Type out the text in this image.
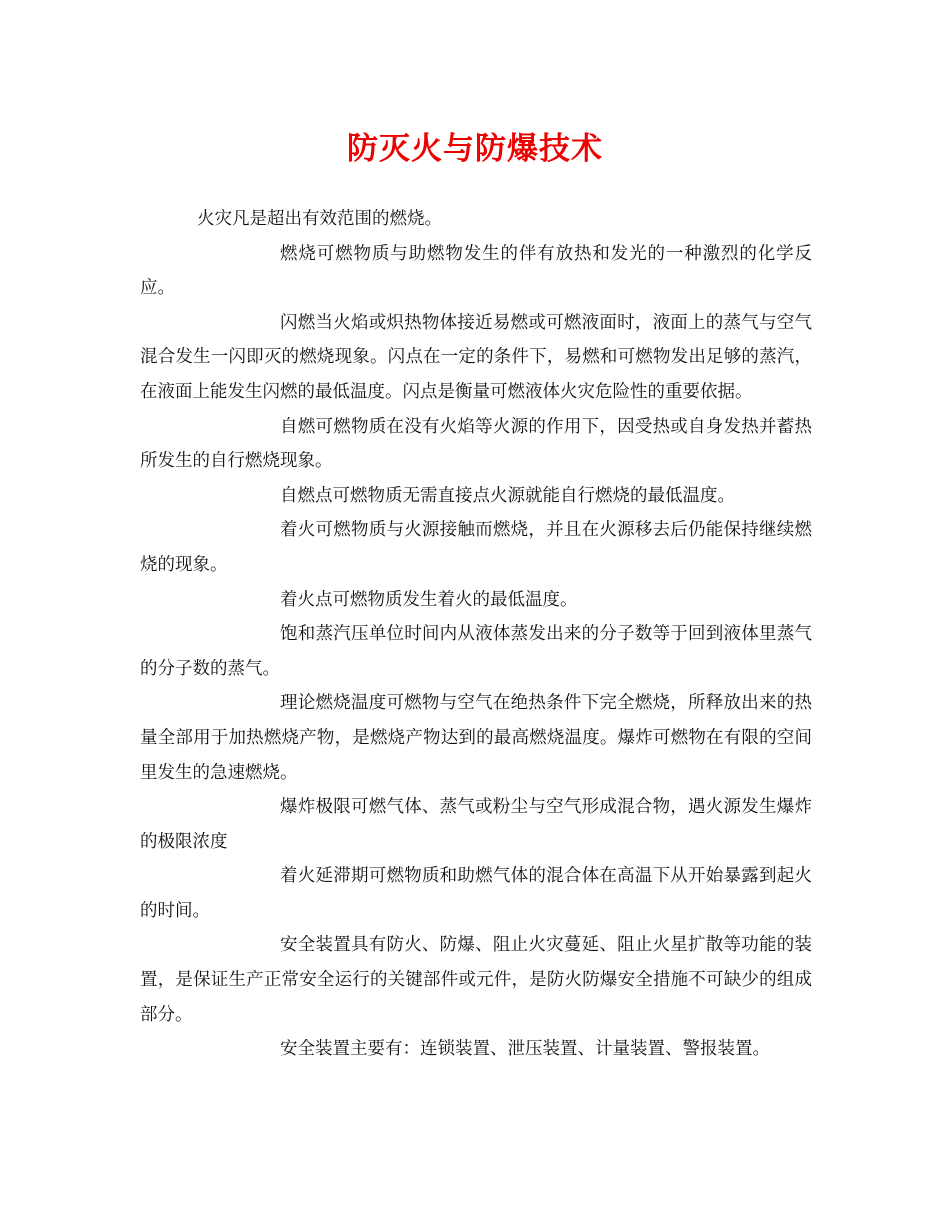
防灭火与防爆技术

火灾凡是超出有效范围的燃烧。

燃烧可燃物质与助燃物发生的伴有放热和发光的一种激烈的化学反应。

闪燃当火焰或炽热物体接近易燃或可燃液面时，液面上的蒸气与空气混合发生一闪即灭的燃烧现象。闪点在一定的条件下，易燃和可燃物发出足够的蒸汽，在液面上能发生闪燃的最低温度。闪点是衡量可燃液体火灾危险性的重要依据。

自燃可燃物质在没有火焰等火源的作用下，因受热或自身发热并蓄热所发生的自行燃烧现象。

自燃点可燃物质无需直接点火源就能自行燃烧的最低温度。

着火可燃物质与火源接触而燃烧，并且在火源移去后仍能保持继续燃烧的现象。

着火点可燃物质发生着火的最低温度。

饱和蒸汽压单位时间内从液体蒸发出来的分子数等于回到液体里蒸气的分子数的蒸气。

理论燃烧温度可燃物与空气在绝热条件下完全燃烧，所释放出来的热量全部用于加热燃烧产物，是燃烧产物达到的最高燃烧温度。爆炸可燃物在有限的空间里发生的急速燃烧。

爆炸极限可燃气体、蒸气或粉尘与空气形成混合物，遇火源发生爆炸的极限浓度

着火延滞期可燃物质和助燃气体的混合体在高温下从开始暴露到起火的时间。

安全装置具有防火、防爆、阻止火灾蔓延、阻止火星扩散等功能的装置，是保证生产正常安全运行的关键部件或元件，是防火防爆安全措施不可缺少的组成部分。

安全装置主要有：连锁装置、泄压装置、计量装置、警报装置。
